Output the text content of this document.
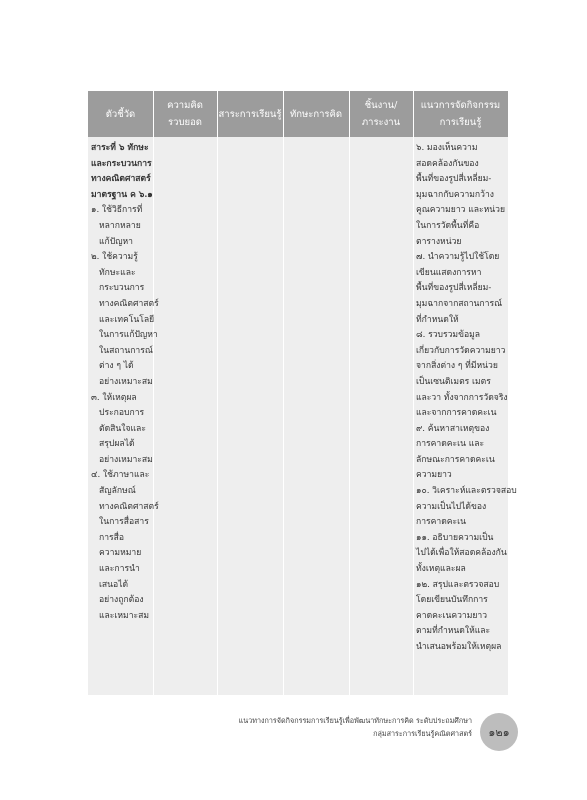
ตัวชี้วัด
ความคิด
รวบยอด
สาระการเรียนรู้ ทักษะการคิด
ชิ้นงาน/
ภาระงาน
แนวการจัดกิจกรรม
การเรียนรู้
สาระที่ ๖ ทักษะ
และกระบวนการ
ทางคณิตศาสตร์
มาตรฐาน ค ๖.๑
๑. ใช้วิธีการที่
หลากหลาย
แก้ปัญหา
๒. ใช้ความรู้
ทักษะและ
กระบวนการ
ทางคณิตศาสตร์
และเทคโนโลยี
ในการแก้ปัญหา
ในสถานการณ์
ต่าง ๆ ได้
อย่างเหมาะสม
๓. ให้เหตุผล
ประกอบการ
ตัดสินใจและ
สรุปผลได้
อย่างเหมาะสม
๔. ใช้ภาษาและ
สัญลักษณ์
ทางคณิตศาสตร์
ในการสื่อสาร
การสื่อ
ความหมาย
และการนำ
เสนอได้
อย่างถูกต้อง
และเหมาะสม
๖. มองเห็นความ
สอดคล้องกันของ
พื้นที่ของรูปสี่เหลี่ยม-
มุมฉากกับความกว้าง
คูณความยาว และหน่วย
ในการวัดพื้นที่คือ
ตารางหน่วย
๗. นำความรู้ไปใช้โดย
เขียนแสดงการหา
พื้นที่ของรูปสี่เหลี่ยม-
มุมฉากจากสถานการณ์
ที่กำหนดให้
๘. รวบรวมข้อมูล
เกี่ยวกับการวัดความยาว
จากสิ่งต่าง ๆ ที่มีหน่วย
เป็นเซนติเมตร เมตร
และวา ทั้งจากการวัดจริง
และจากการคาดคะเน
๙. ค้นหาสาเหตุของ
การคาดคะเน และ
ลักษณะการคาดคะเน
ความยาว
๑๐. วิเคราะห์และตรวจสอบ
ความเป็นไปได้ของ
การคาดคะเน
๑๑. อธิบายความเป็น
ไปได้เพื่อให้สอดคล้องกัน
ทั้งเหตุและผล
๑๒. สรุปและตรวจสอบ
โดยเขียนบันทึกการ
คาดคะเนความยาว
ตามที่กำหนดให้และ
นำเสนอพร้อมให้เหตุผล
แนวทางการจัดกิจกรรมการเรียนรู้เพื่อพัฒนาทักษะการคิด ระดับประถมศึกษา
กลุ่มสาระการเรียนรู้คณิตศาสตร์	๑๒๑
